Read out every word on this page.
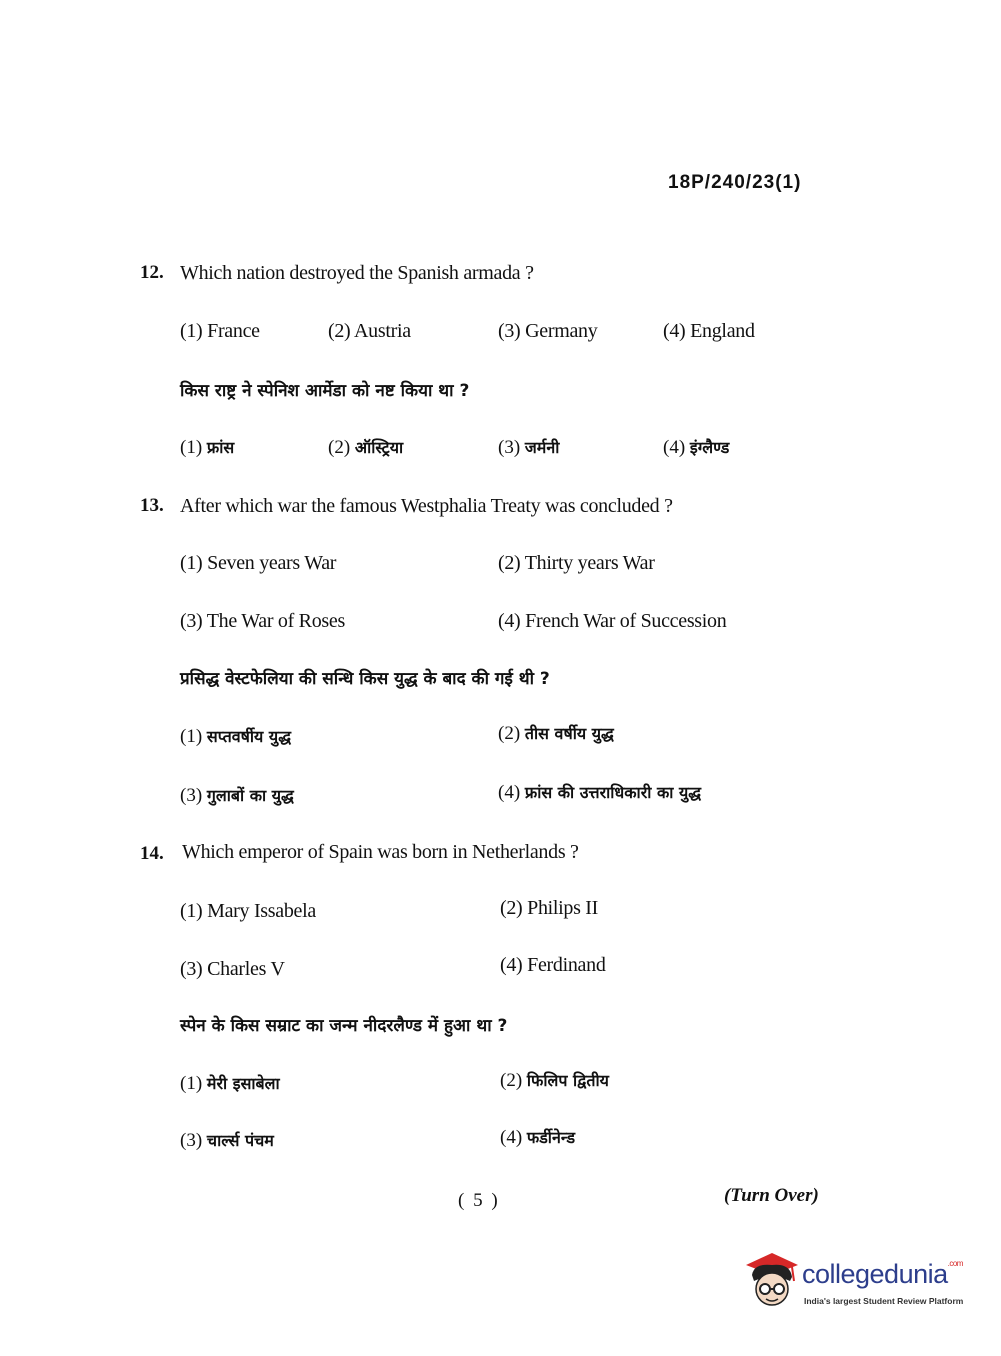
18P/240/23(1)
12. Which nation destroyed the Spanish armada ?
(1) France	(2) Austria	(3) Germany	(4) England
किस राष्ट्र ने स्पेनिश आर्मेडा को नष्ट किया था ?
(1) फ्रांस	(2) ऑस्ट्रिया	(3) जर्मनी	(4) इंग्लैण्ड
13. After which war the famous Westphalia Treaty was concluded ?
(1) Seven years War	(2) Thirty years War
(3) The War of Roses	(4) French War of Succession
प्रसिद्ध वेस्टफेलिया की सन्धि किस युद्ध के बाद की गई थी ?
(1) सप्तवर्षीय युद्ध	(2) तीस वर्षीय युद्ध
(3) गुलाबों का युद्ध	(4) फ्रांस की उत्तराधिकारी का युद्ध
14. Which emperor of Spain was born in Netherlands ?
(1) Mary Issabela	(2) Philips II
(3) Charles V	(4) Ferdinand
स्पेन के किस सम्राट का जन्म नीदरलैण्ड में हुआ था ?
(1) मेरी इसाबेला	(2) फिलिप द्वितीय
(3) चार्ल्स पंचम	(4) फर्डीनेन्ड
( 5 )	(Turn Over)
collegedunia$^{.com}$
India's largest Student Review Platform
